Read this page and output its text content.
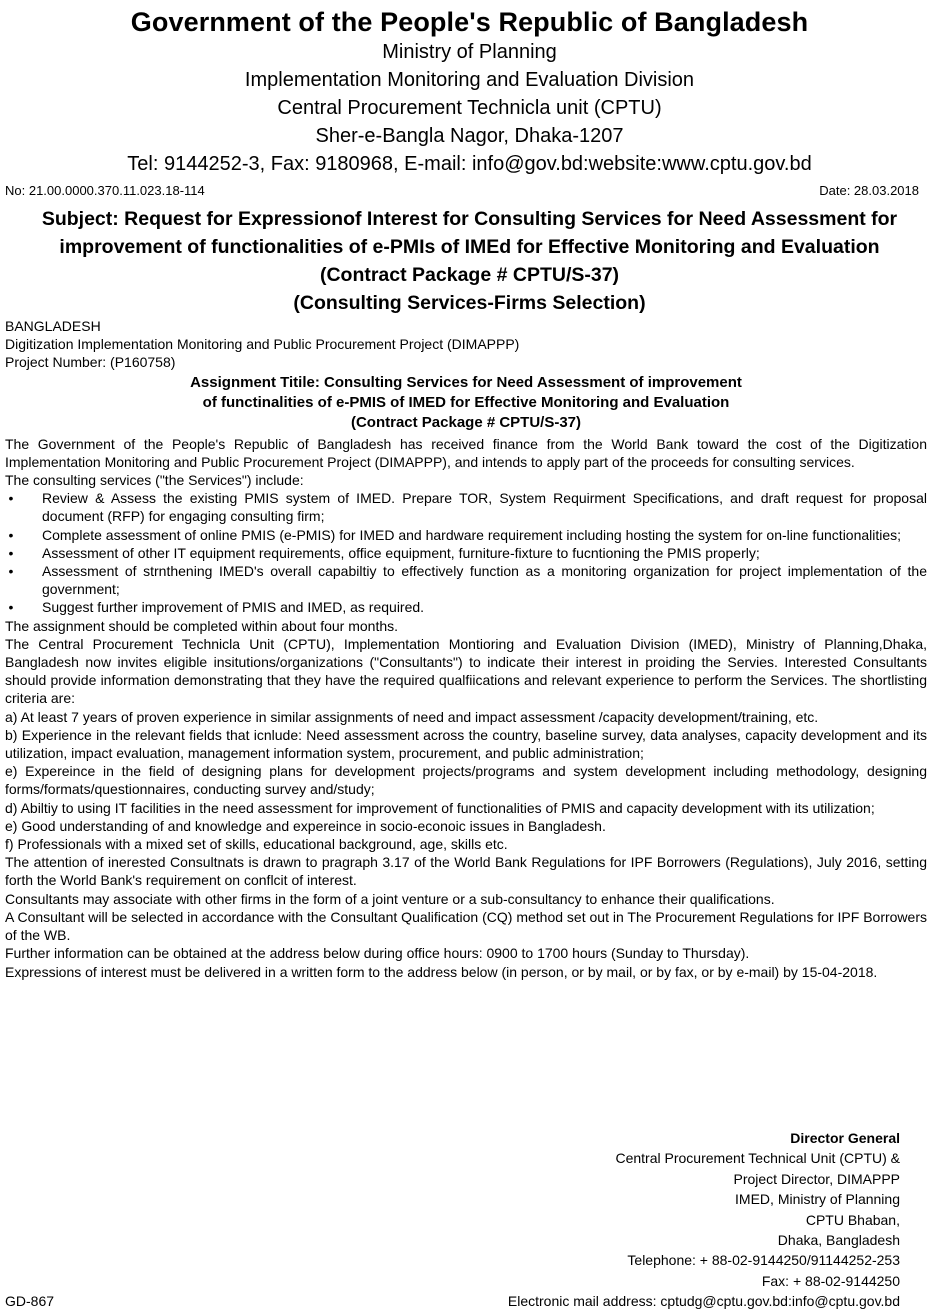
Government of the People's Republic of Bangladesh
Ministry of Planning
Implementation Monitoring and Evaluation Division
Central Procurement Technicla unit (CPTU)
Sher-e-Bangla Nagor, Dhaka-1207
Tel: 9144252-3, Fax: 9180968, E-mail: info@gov.bd:website:www.cptu.gov.bd
No: 21.00.0000.370.11.023.18-114	Date: 28.03.2018
Subject: Request for Expressionof Interest for Consulting Services for Need Assessment for
improvement of functionalities of e-PMIs of IMEd for Effective Monitoring and Evaluation
(Contract Package # CPTU/S-37)
(Consulting Services-Firms Selection)

BANGLADESH

Digitization Implementation Monitoring and Public Procurement Project (DIMAPPP)

Project Number: (P160758)

Assignment Titile: Consulting Services for Need Assessment of improvement
of functinalities of e-PMIS of IMED for Effective Monitoring and Evaluation
(Contract Package # CPTU/S-37)

The Government of the People's Republic of Bangladesh has received finance from the World Bank toward the cost of the Digitization Implementation Monitoring and Public Procurement Project (DIMAPPP), and intends to apply part of the proceeds for consulting services.

The consulting services ("the Services") include:

• Review & Assess the existing PMIS system of IMED. Prepare TOR, System Requirment Specifications, and draft request for proposal document (RFP) for engaging consulting firm;
• Complete assessment of online PMIS (e-PMIS) for IMED and hardware requirement including hosting the system for on-line functionalities;
• Assessment of other IT equipment requirements, office equipment, furniture-fixture to fucntioning the PMIS properly;
• Assessment of strnthening IMED's overall capabiltiy to effectively function as a monitoring organization for project implementation of the government;
• Suggest further improvement of PMIS and IMED, as required.

The assignment should be completed within about four months.

The Central Procurement Technicla Unit (CPTU), Implementation Montioring and Evaluation Division (IMED), Ministry of Planning,Dhaka, Bangladesh now invites eligible insitutions/organizations ("Consultants") to indicate their interest in proiding the Servies. Interested Consultants should provide information demonstrating that they have the required qualfiications and relevant experience to perform the Services. The shortlisting criteria are:

a) At least 7 years of proven experience in similar assignments of need and impact assessment /capacity development/training, etc.

b) Experience in the relevant fields that icnlude: Need assessment across the country, baseline survey, data analyses, capacity development and its utilization, impact evaluation, management information system, procurement, and public administration;

e) Expereince in the field of designing plans for development projects/programs and system development including methodology, designing forms/formats/questionnaires, conducting survey and/study;

d) Abiltiy to using IT facilities in the need assessment for improvement of functionalities of PMIS and capacity development with its utilization;

e) Good understanding of and knowledge and expereince in socio-econoic issues in Bangladesh.

f) Professionals with a mixed set of skills, educational background, age, skills etc.

The attention of inerested Consultnats is drawn to pragraph 3.17 of the World Bank Regulations for IPF Borrowers (Regulations), July 2016, setting forth the World Bank's requirement on conflcit of interest.

Consultants may associate with other firms in the form of a joint venture or a sub-consultancy to enhance their qualifications.

A Consultant will be selected in accordance with the Consultant Qualification (CQ) method set out in The Procurement Regulations for IPF Borrowers of the WB.

Further information can be obtained at the address below during office hours: 0900 to 1700 hours (Sunday to Thursday).

Expressions of interest must be delivered in a written form to the address below (in person, or by mail, or by fax, or by e-mail) by 15-04-2018.

Director General
Central Procurement Technical Unit (CPTU) &
Project Director, DIMAPPP
IMED, Ministry of Planning
CPTU Bhaban,
Dhaka, Bangladesh
Telephone: + 88-02-9144250/91144252-253
Fax: + 88-02-9144250
Electronic mail address: cptudg@cptu.gov.bd:info@cptu.gov.bd
GD-867
